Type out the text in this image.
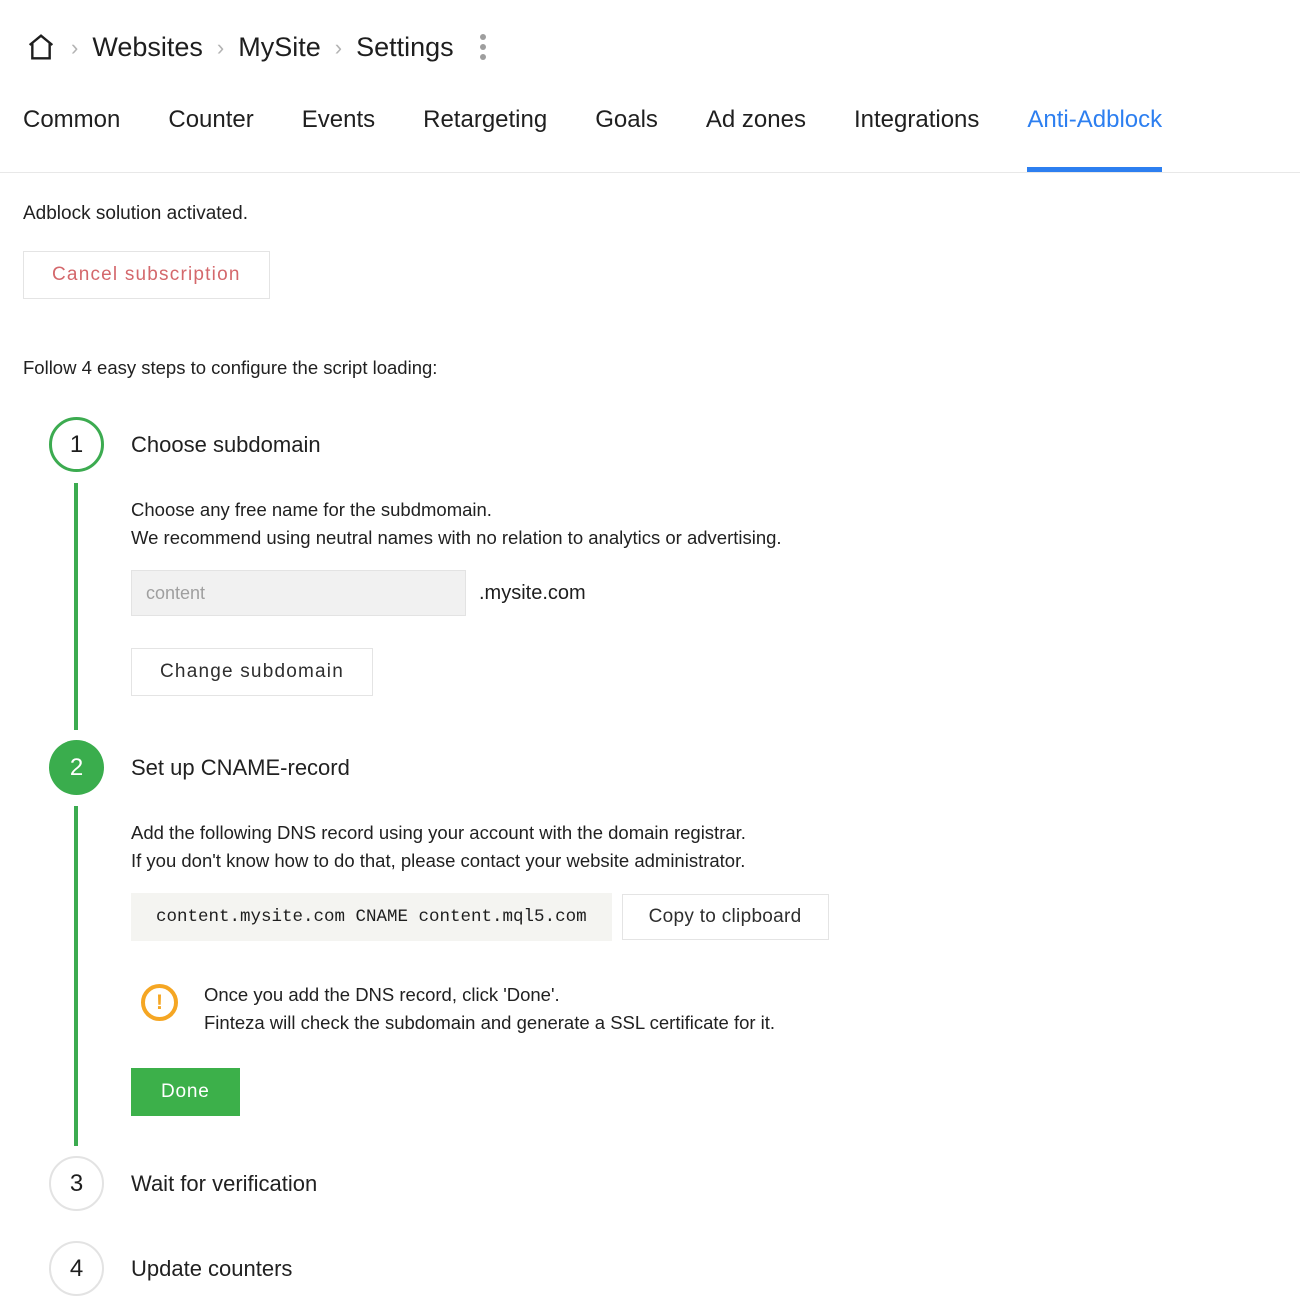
› Websites › MySite › Settings
Common Counter Events Retargeting Goals Ad zones Integrations Anti-Adblock
Adblock solution activated.
Cancel subscription
Follow 4 easy steps to configure the script loading:
1	Choose subdomain
Choose any free name for the subdmomain.
We recommend using neutral names with no relation to analytics or advertising.
content
.mysite.com
Change subdomain
2	Set up CNAME-record
Add the following DNS record using your account with the domain registrar.
If you don't know how to do that, please contact your website administrator.
content.mysite.com CNAME content.mql5.com	Copy to clipboard
!	Once you add the DNS record, click 'Done'.
Finteza will check the subdomain and generate a SSL certificate for it.
Done
3	Wait for verification
4	Update counters
